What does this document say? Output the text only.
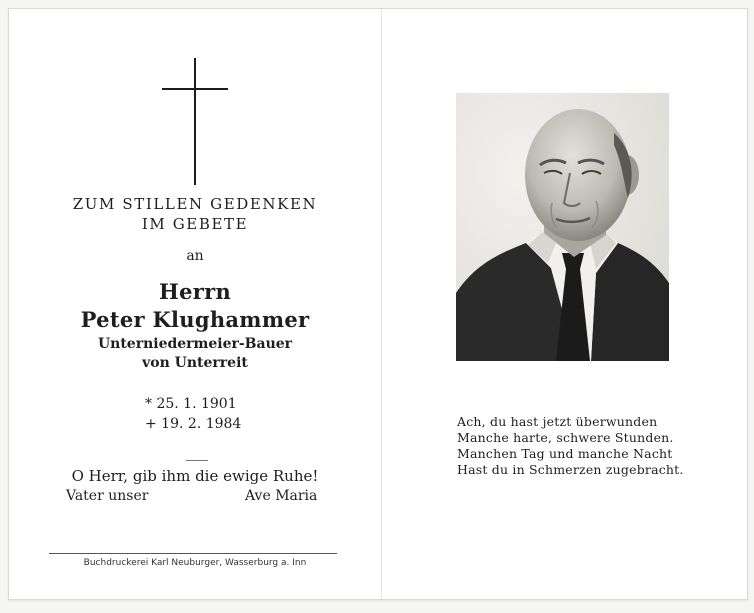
ZUM STILLEN GEDENKEN
IM GEBETE
an
Herrn
Peter Klughammer
Unterniedermeier-Bauer
von Unterreit
* 25. 1. 1901
+ 19. 2. 1984
O Herr, gib ihm die ewige Ruhe!
Vater unser	Ave Maria
Buchdruckerei Karl Neuburger, Wasserburg a. Inn
Ach, du hast jetzt überwunden
Manche harte, schwere Stunden.
Manchen Tag und manche Nacht
Hast du in Schmerzen zugebracht.
